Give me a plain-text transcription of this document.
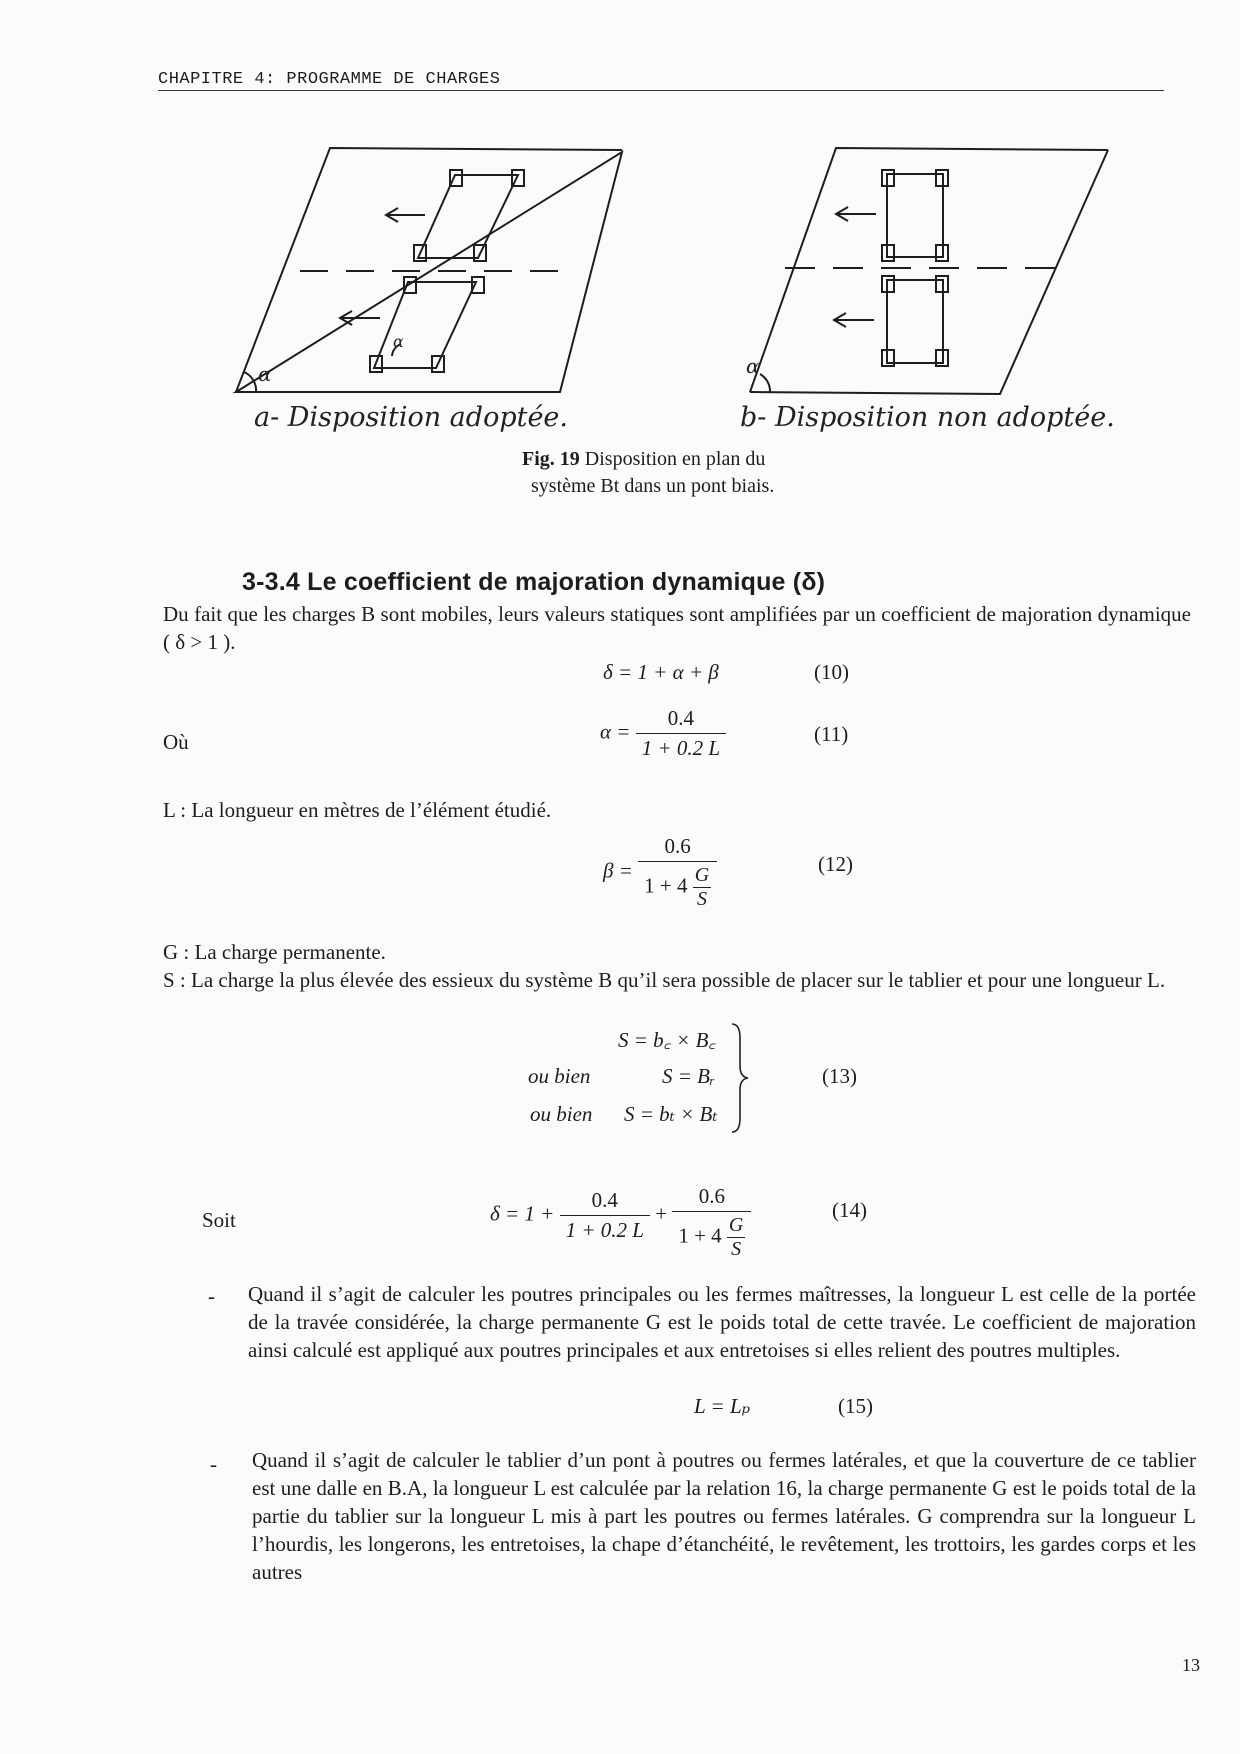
CHAPITRE 4: PROGRAMME DE CHARGES
α
α
α
a- Disposition adoptée.	b- Disposition non adoptée.
Fig. 19 Disposition en plan du
système Bt dans un pont biais.
3-3.4 Le coefficient de majoration dynamique (δ)
Du fait que les charges B sont mobiles, leurs valeurs statiques sont amplifiées par un coefficient de majoration dynamique ( δ > 1 ).
δ = 1 + α + β	(10)
Où	$\alpha = \frac{0.4}{1 + 0.2 L}$	(11)
L : La longueur en mètres de l’élément étudié.
$\beta = \frac{0.6}{1 + 4 \frac{G}{S}}$	(12)
G : La charge permanente.
S : La charge la plus élevée des essieux du système B qu’il sera possible de placer sur le tablier et pour une longueur L.
S = b꜀ × B꜀
ou bien	S = Bᵣ
ou bien S = bₜ × Bₜ
(13)
Soit	$\delta = 1 + \frac{0.4}{1 + 0.2 L} + \frac{0.6}{1 + 4 \frac{G}{S}}$	(14)
- Quand il s’agit de calculer les poutres principales ou les fermes maîtresses, la longueur L est celle de la portée de la travée considérée, la charge permanente G est le poids total de cette travée. Le coefficient de majoration ainsi calculé est appliqué aux poutres principales et aux entretoises si elles relient des poutres multiples.
L = Lₚ	(15)
- Quand il s’agit de calculer le tablier d’un pont à poutres ou fermes latérales, et que la couverture de ce tablier est une dalle en B.A, la longueur L est calculée par la relation 16, la charge permanente G est le poids total de la partie du tablier sur la longueur L mis à part les poutres ou fermes latérales. G comprendra sur la longueur L l’hourdis, les longerons, les entretoises, la chape d’étanchéité, le revêtement, les trottoirs, les gardes corps et les autres
13
